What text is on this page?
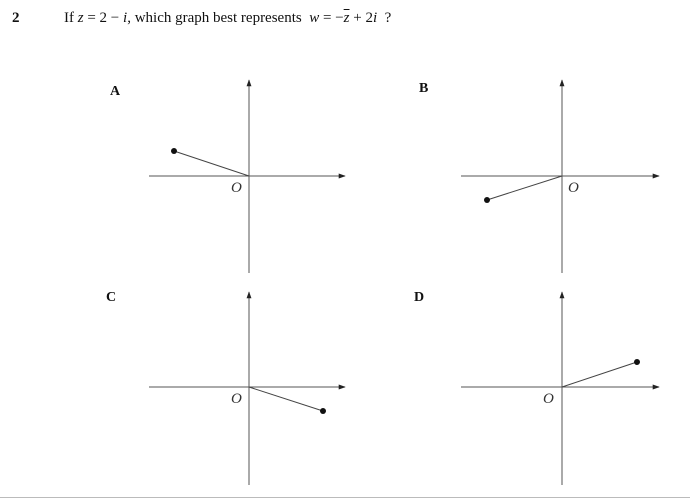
2	If z = 2 − i, which graph best represents $w = -\overline{z} + 2i$ ?
A	B
C	D
O	O
O	O
